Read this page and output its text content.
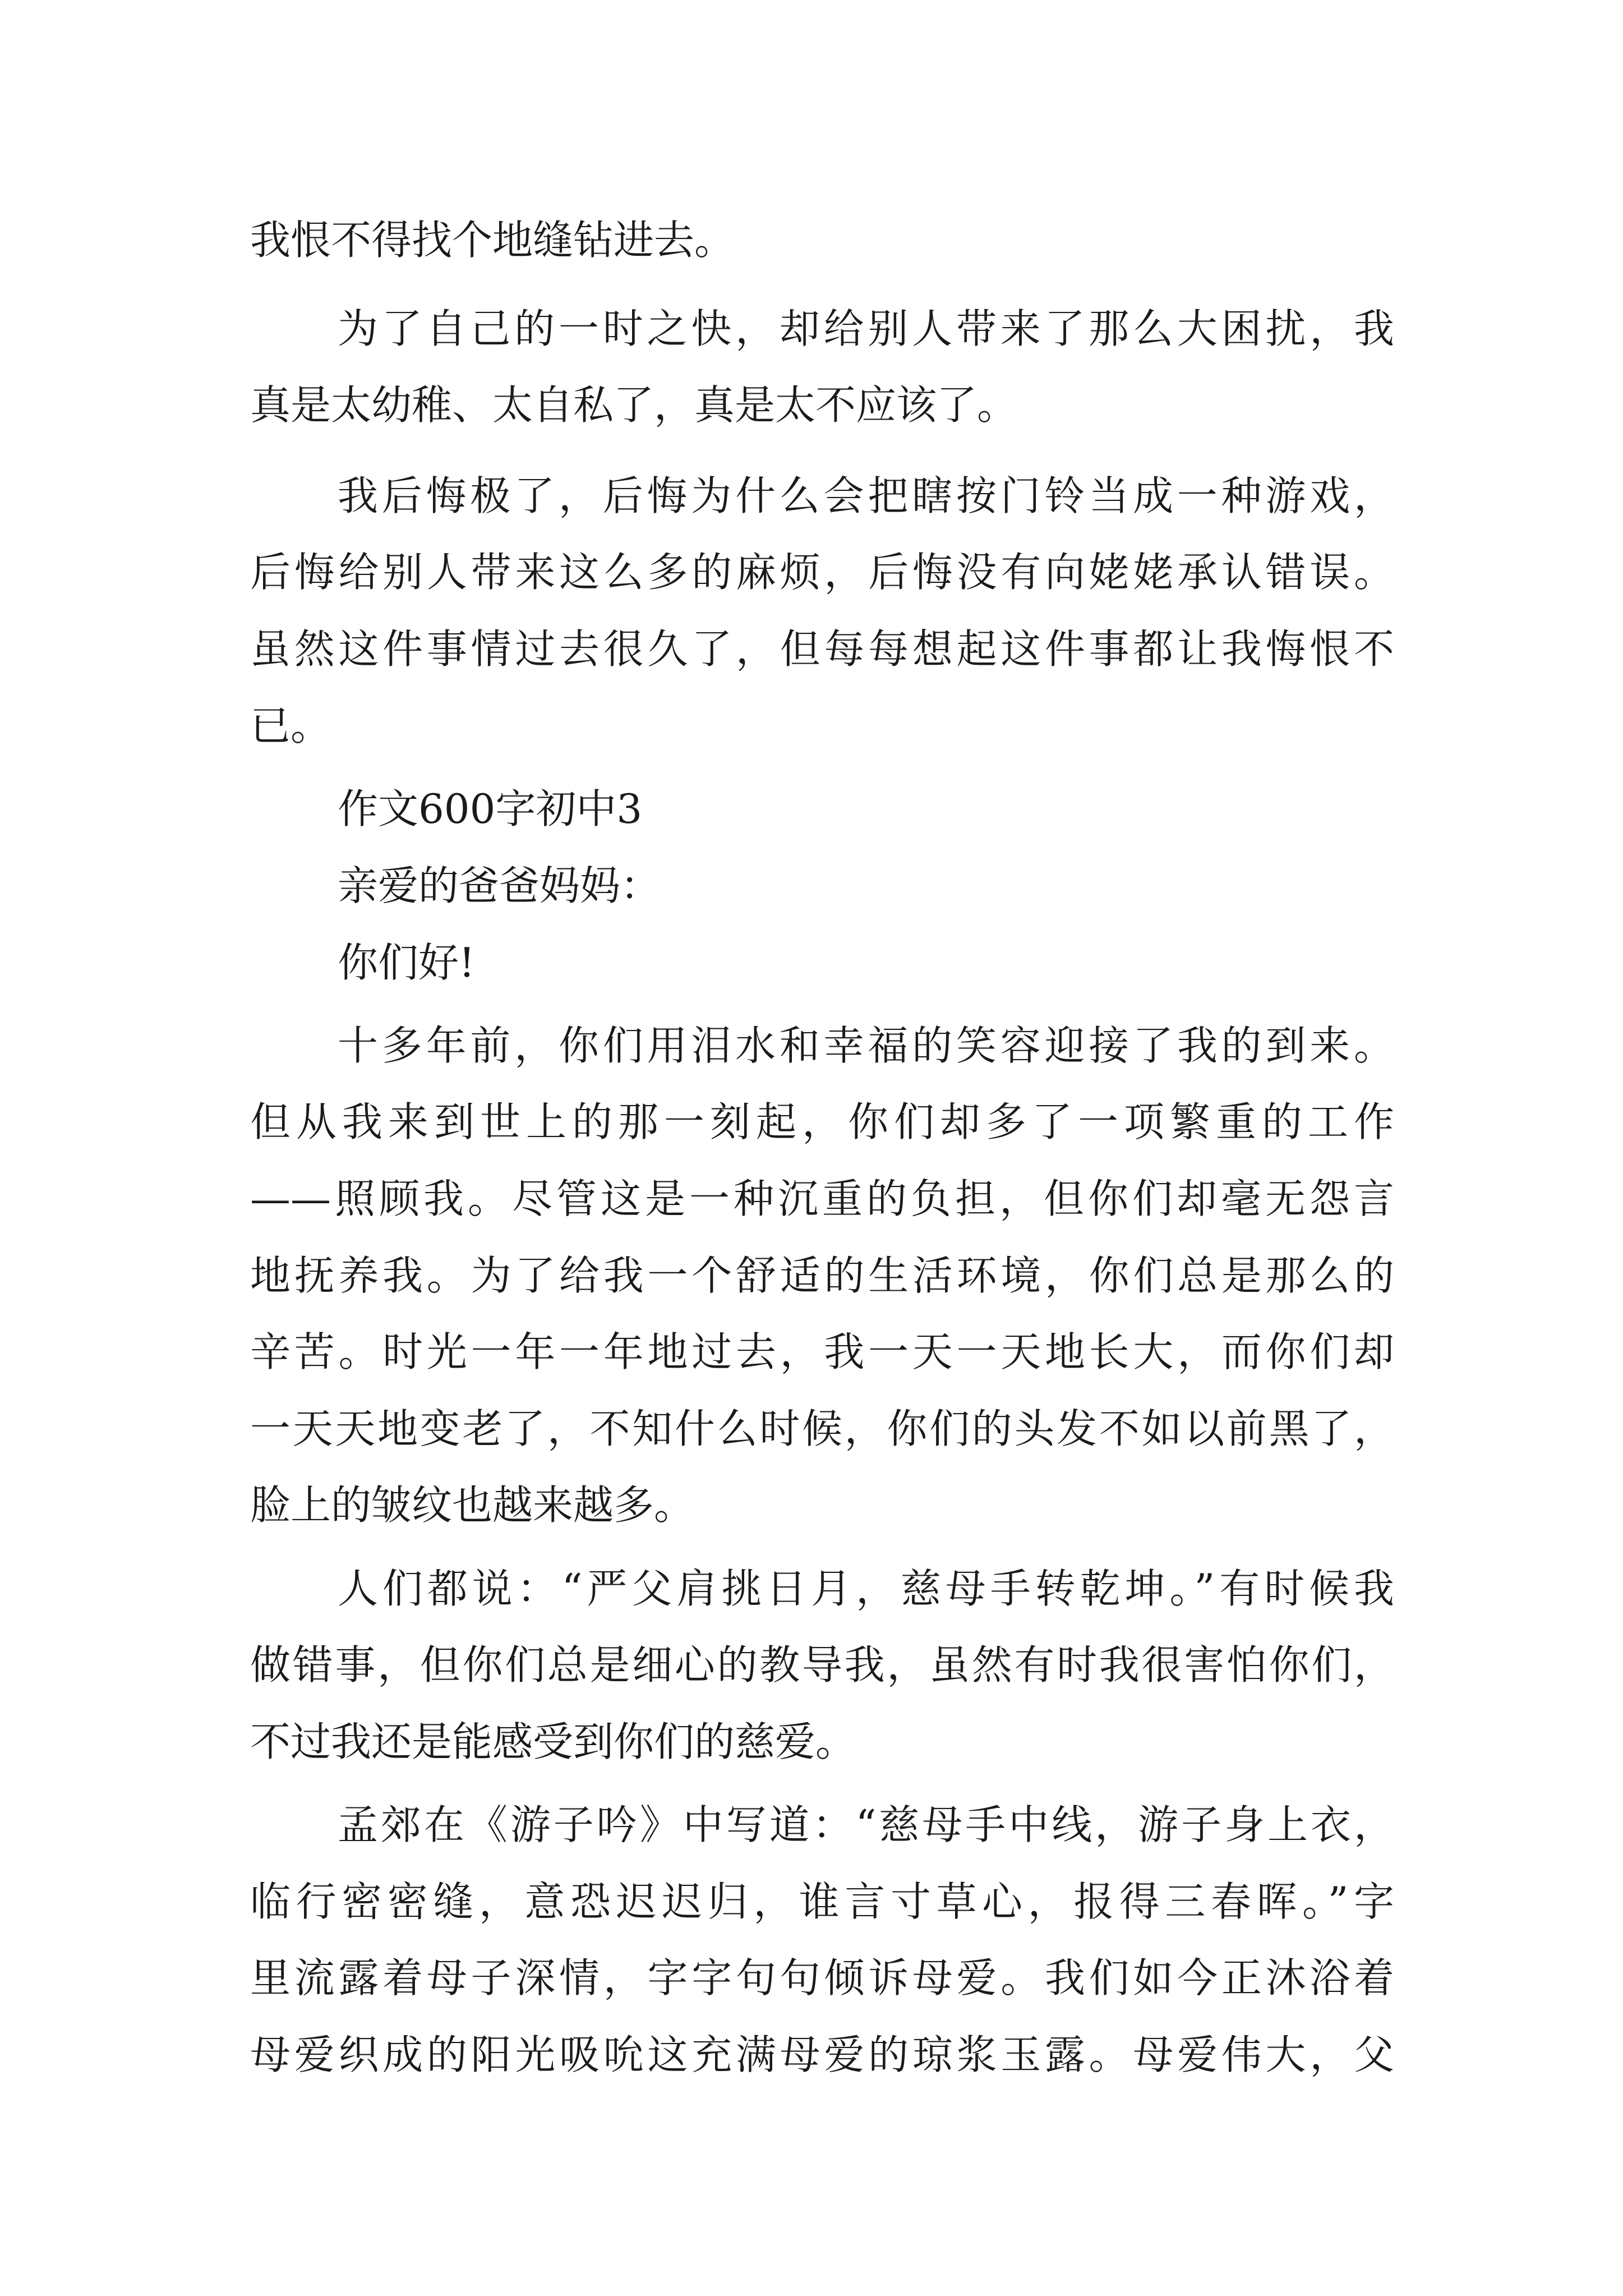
我恨不得找个地缝钻进去。
为了自己的一时之快，却给别人带来了那么大困扰，我
真是太幼稚、太自私了，真是太不应该了。
我后悔极了，后悔为什么会把瞎按门铃当成一种游戏，
后悔给别人带来这么多的麻烦，后悔没有向姥姥承认错误。
虽然这件事情过去很久了，但每每想起这件事都让我悔恨不
已。
作文600字初中3
亲爱的爸爸妈妈：
你们好!
十多年前，你们用泪水和幸福的笑容迎接了我的到来。
但从我来到世上的那一刻起，你们却多了一项繁重的工作
——照顾我。尽管这是一种沉重的负担，但你们却毫无怨言
地抚养我。为了给我一个舒适的生活环境，你们总是那么的
辛苦。时光一年一年地过去，我一天一天地长大，而你们却
一天天地变老了，不知什么时候，你们的头发不如以前黑了，
脸上的皱纹也越来越多。
人们都说：“严父肩挑日月，慈母手转乾坤。”有时候我
做错事，但你们总是细心的教导我，虽然有时我很害怕你们，
不过我还是能感受到你们的慈爱。
孟郊在《游子吟》中写道：“慈母手中线，游子身上衣，
临行密密缝，意恐迟迟归，谁言寸草心，报得三春晖。”字
里流露着母子深情，字字句句倾诉母爱。我们如今正沐浴着
母爱织成的阳光吸吮这充满母爱的琼浆玉露。母爱伟大，父
